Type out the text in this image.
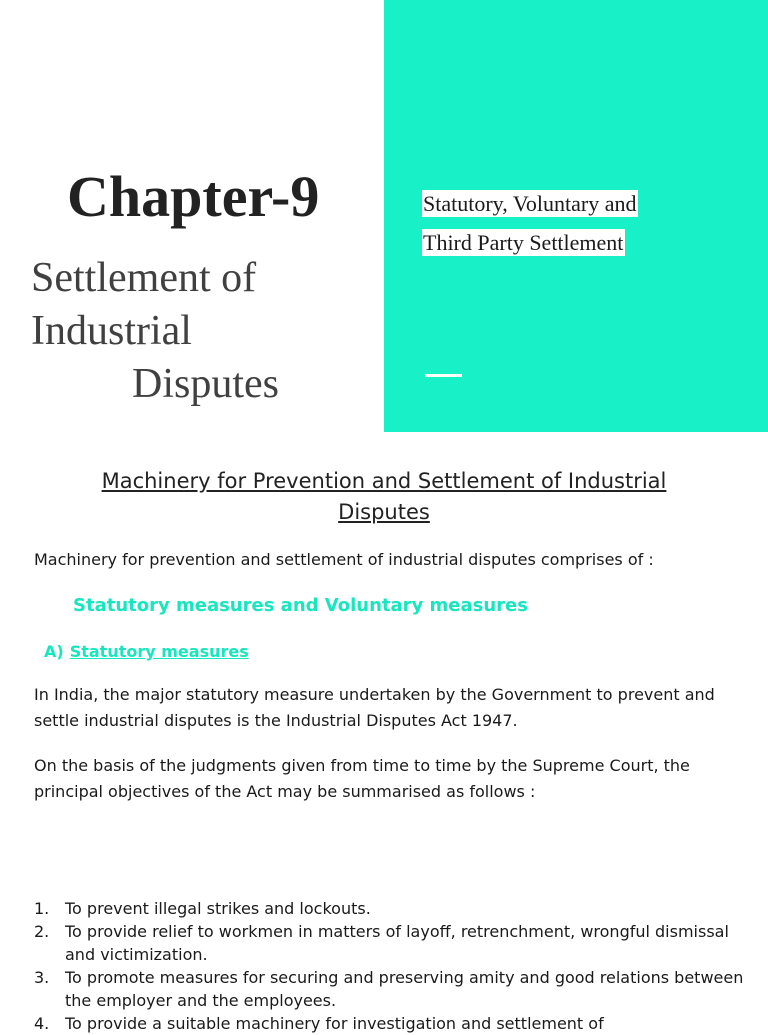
Chapter-9
Settlement of
Industrial
Disputes
Statutory, Voluntary and
Third Party Settlement
Machinery for Prevention and Settlement of Industrial
Disputes
Machinery for prevention and settlement of industrial disputes comprises of :
Statutory measures and Voluntary measures
A) Statutory measures
In India, the major statutory measure undertaken by the Government to prevent and settle industrial disputes is the Industrial Disputes Act 1947.
On the basis of the judgments given from time to time by the Supreme Court, the principal objectives of the Act may be summarised as follows :
1. To prevent illegal strikes and lockouts.
2. To provide relief to workmen in matters of layoff, retrenchment, wrongful dismissal and victimization.
3. To promote measures for securing and preserving amity and good relations between the employer and the employees.
4. To provide a suitable machinery for investigation and settlement of
